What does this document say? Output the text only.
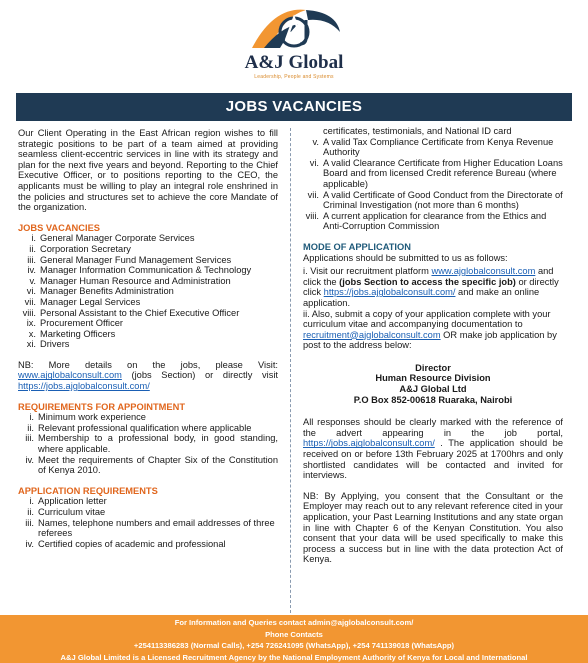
A&J Global
Leadership, People and Systems
JOBS VACANCIES

Our Client Operating in the East African region wishes to fill strategic positions to be part of a team aimed at providing seamless client-eccentric services in line with its strategy and plan for the next five years and beyond. Reporting to the Chief Executive Officer, or to positions reporting to the CEO, the applicants must be willing to play an integral role enshrined in the policies and structures set to achieve the core Mandate of the organization.

JOBS VACANCIES
i. General Manager Corporate Services
ii. Corporation Secretary
iii. General Manager Fund Management Services
iv. Manager Information Communication & Technology
v. Manager Human Resource and Administration
vi. Manager Benefits Administration
vii. Manager Legal Services
viii. Personal Assistant to the Chief Executive Officer
ix. Procurement Officer
x. Marketing Officers
xi. Drivers

NB: More details on the jobs, please Visit: www.ajglobalconsult.com (jobs Section) or directly visit https://jobs.ajglobalconsult.com/

REQUIREMENTS FOR APPOINTMENT
i. Minimum work experience
ii. Relevant professional qualification where applicable
iii. Membership to a professional body, in good standing, where applicable.
iv. Meet the requirements of Chapter Six of the Constitution of Kenya 2010.
APPLICATION REQUIREMENTS
i. Application letter
ii. Curriculum vitae
iii. Names, telephone numbers and email addresses of three referees
iv. Certified copies of academic and professional
certificates, testimonials, and National ID card
v. A valid Tax Compliance Certificate from Kenya Revenue Authority
vi. A valid Clearance Certificate from Higher Education Loans Board and from licensed Credit reference Bureau (where applicable)
vii. A valid Certificate of Good Conduct from the Directorate of Criminal Investigation (not more than 6 months)
viii. A current application for clearance from the Ethics and Anti-Corruption Commission
MODE OF APPLICATION

Applications should be submitted to us as follows:

i. Visit our recruitment platform www.ajglobalconsult.com and click the (jobs Section to access the specific job) or directly click https://jobs.ajglobalconsult.com/ and make an online application.

ii. Also, submit a copy of your application complete with your curriculum vitae and accompanying documentation to recruitment@ajglobalconsult.com OR make job application by post to the address below:

Director
Human Resource Division
A&J Global Ltd
P.O Box 852-00618 Ruaraka, Nairobi

All responses should be clearly marked with the reference of the advert appearing in the job portal, https://jobs.ajglobalconsult.com/ . The application should be received on or before 13th February 2025 at 1700hrs and only shortlisted candidates will be contacted and invited for interviews.

NB: By Applying, you consent that the Consultant or the Employer may reach out to any relevant reference cited in your application, your Past Learning Institutions and any state organ in line with Chapter 6 of the Kenyan Constitution. You also consent that your data will be used specifically to make this process a success but in line with the data protection Act of Kenya.

For Information and Queries contact admin@ajglobalconsult.com/
Phone Contacts
+254113386283 (Normal Calls), +254 726241095 (WhatsApp), +254 741139018 (WhatsApp)
A&J Global Limited is a Licensed Recruitment Agency by the National Employment Authority of Kenya for Local and International
